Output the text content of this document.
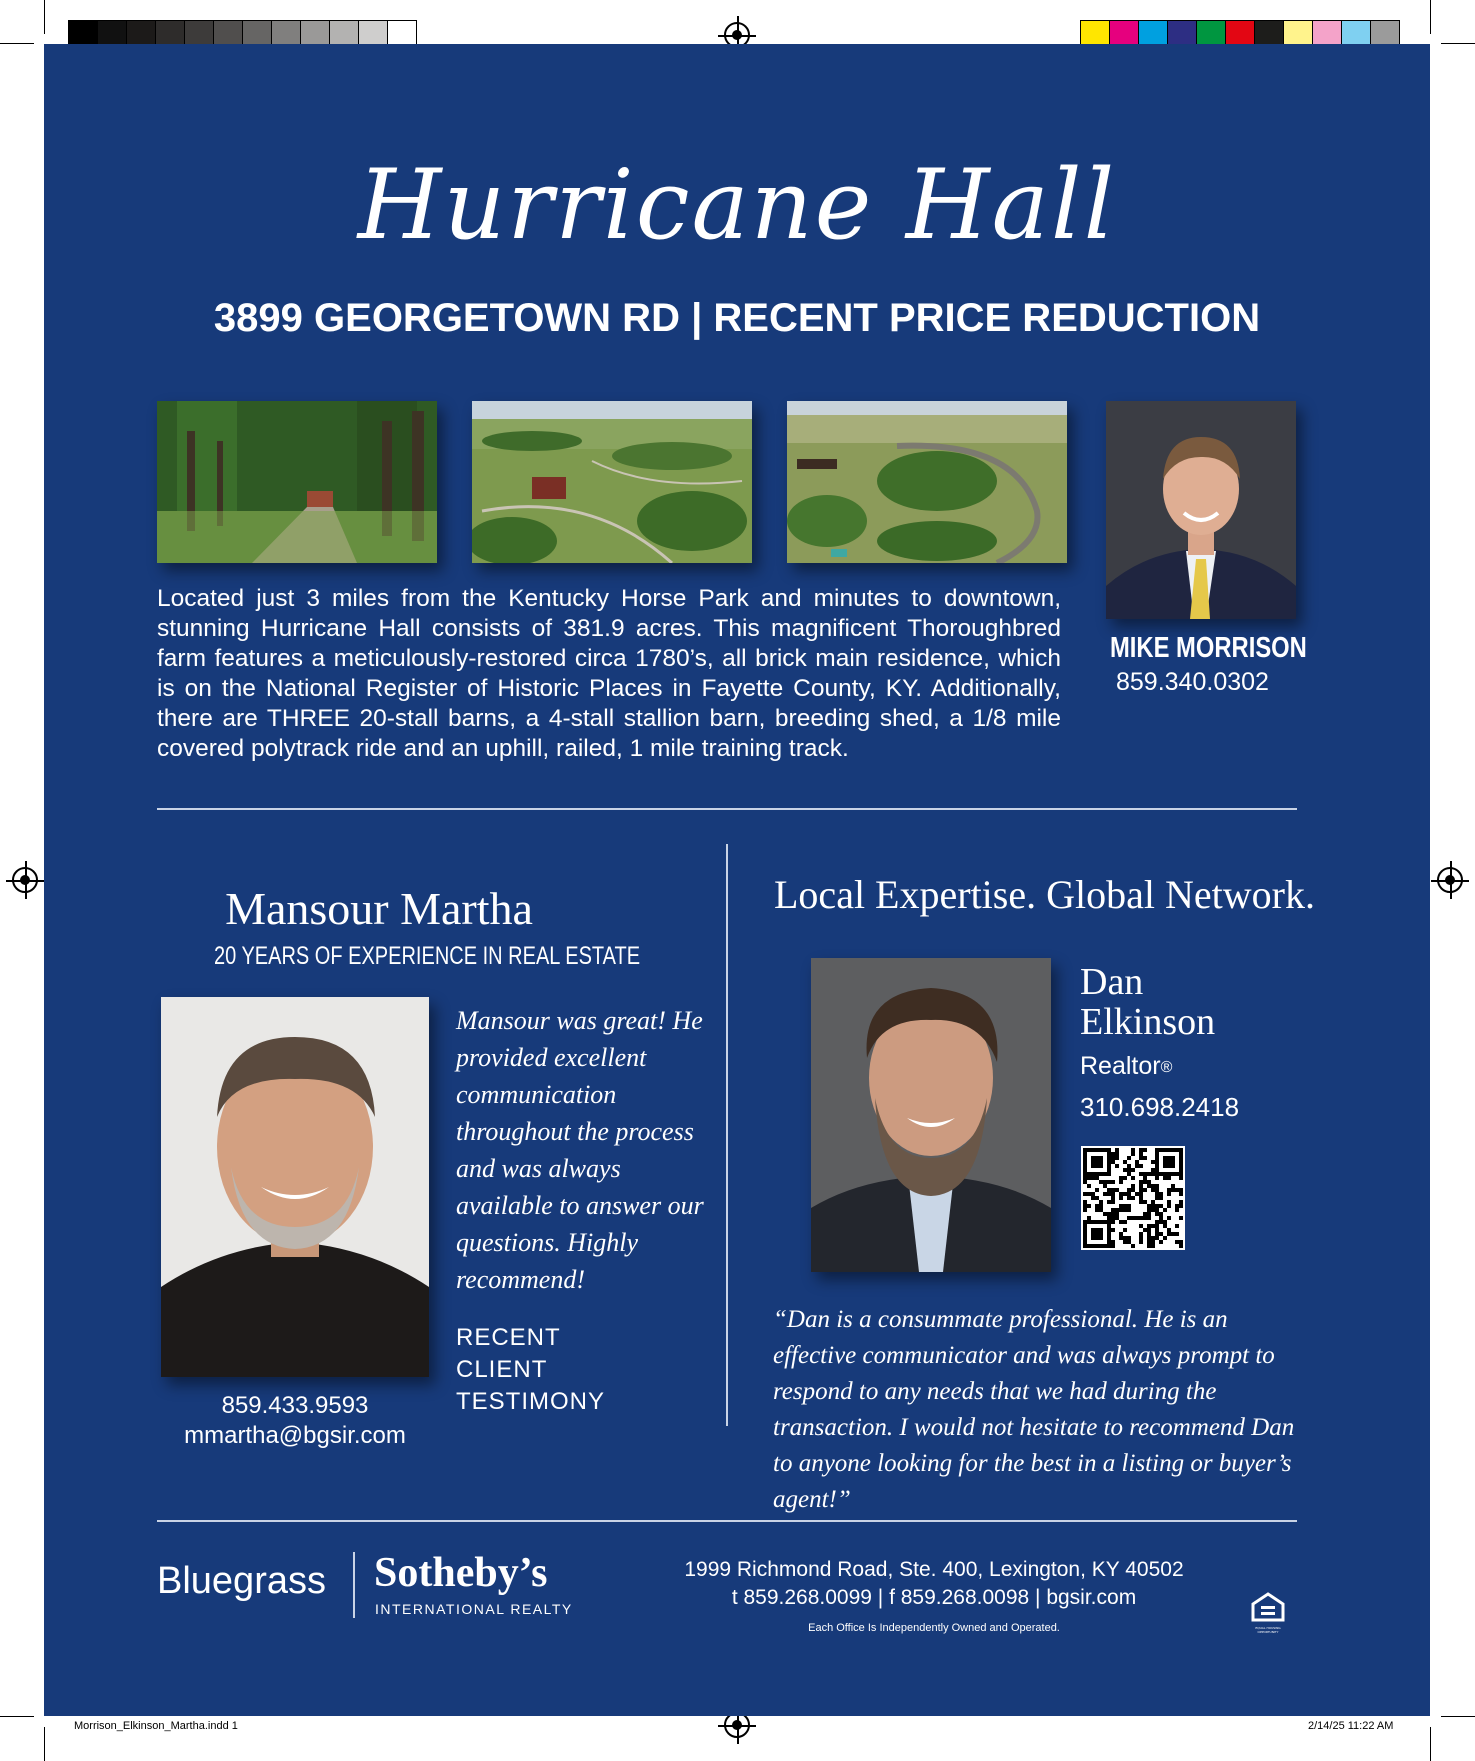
Hurricane Hall
3899 GEORGETOWN RD | RECENT PRICE REDUCTION
MIKE MORRISON
859.340.0302
Located just 3 miles from the Kentucky Horse Park and minutes to downtown, stunning Hurricane Hall consists of 381.9 acres. This magnificent Thoroughbred farm features a meticulously-restored circa 1780’s, all brick main residence, which is on the National Register of Historic Places in Fayette County, KY. Additionally, there are THREE 20-stall barns, a 4-stall stallion barn, breeding shed, a 1/8 mile covered polytrack ride and an uphill, railed, 1 mile training track.
Mansour Martha
20 YEARS OF EXPERIENCE IN REAL ESTATE
Mansour was great! He provided excellent communication throughout the process and was always available to answer our questions. Highly recommend!
RECENT CLIENT TESTIMONY
859.433.9593
mmartha@bgsir.com
Local Expertise. Global Network.
Dan
Elkinson
Realtor®
310.698.2418
“Dan is a consummate professional. He is an effective communicator and was always prompt to respond to any needs that we had during the transaction. I would not hesitate to recommend Dan to anyone looking for the best in a listing or buyer’s agent!”
Bluegrass Sotheby’s
INTERNATIONAL REALTY
1999 Richmond Road, Ste. 400, Lexington, KY 40502
t 859.268.0099 | f 859.268.0098 | bgsir.com
Each Office Is Independently Owned and Operated.	EQUAL HOUSING OPPORTUNITY
Morrison_Elkinson_Martha.indd 1	2/14/25 11:22 AM
